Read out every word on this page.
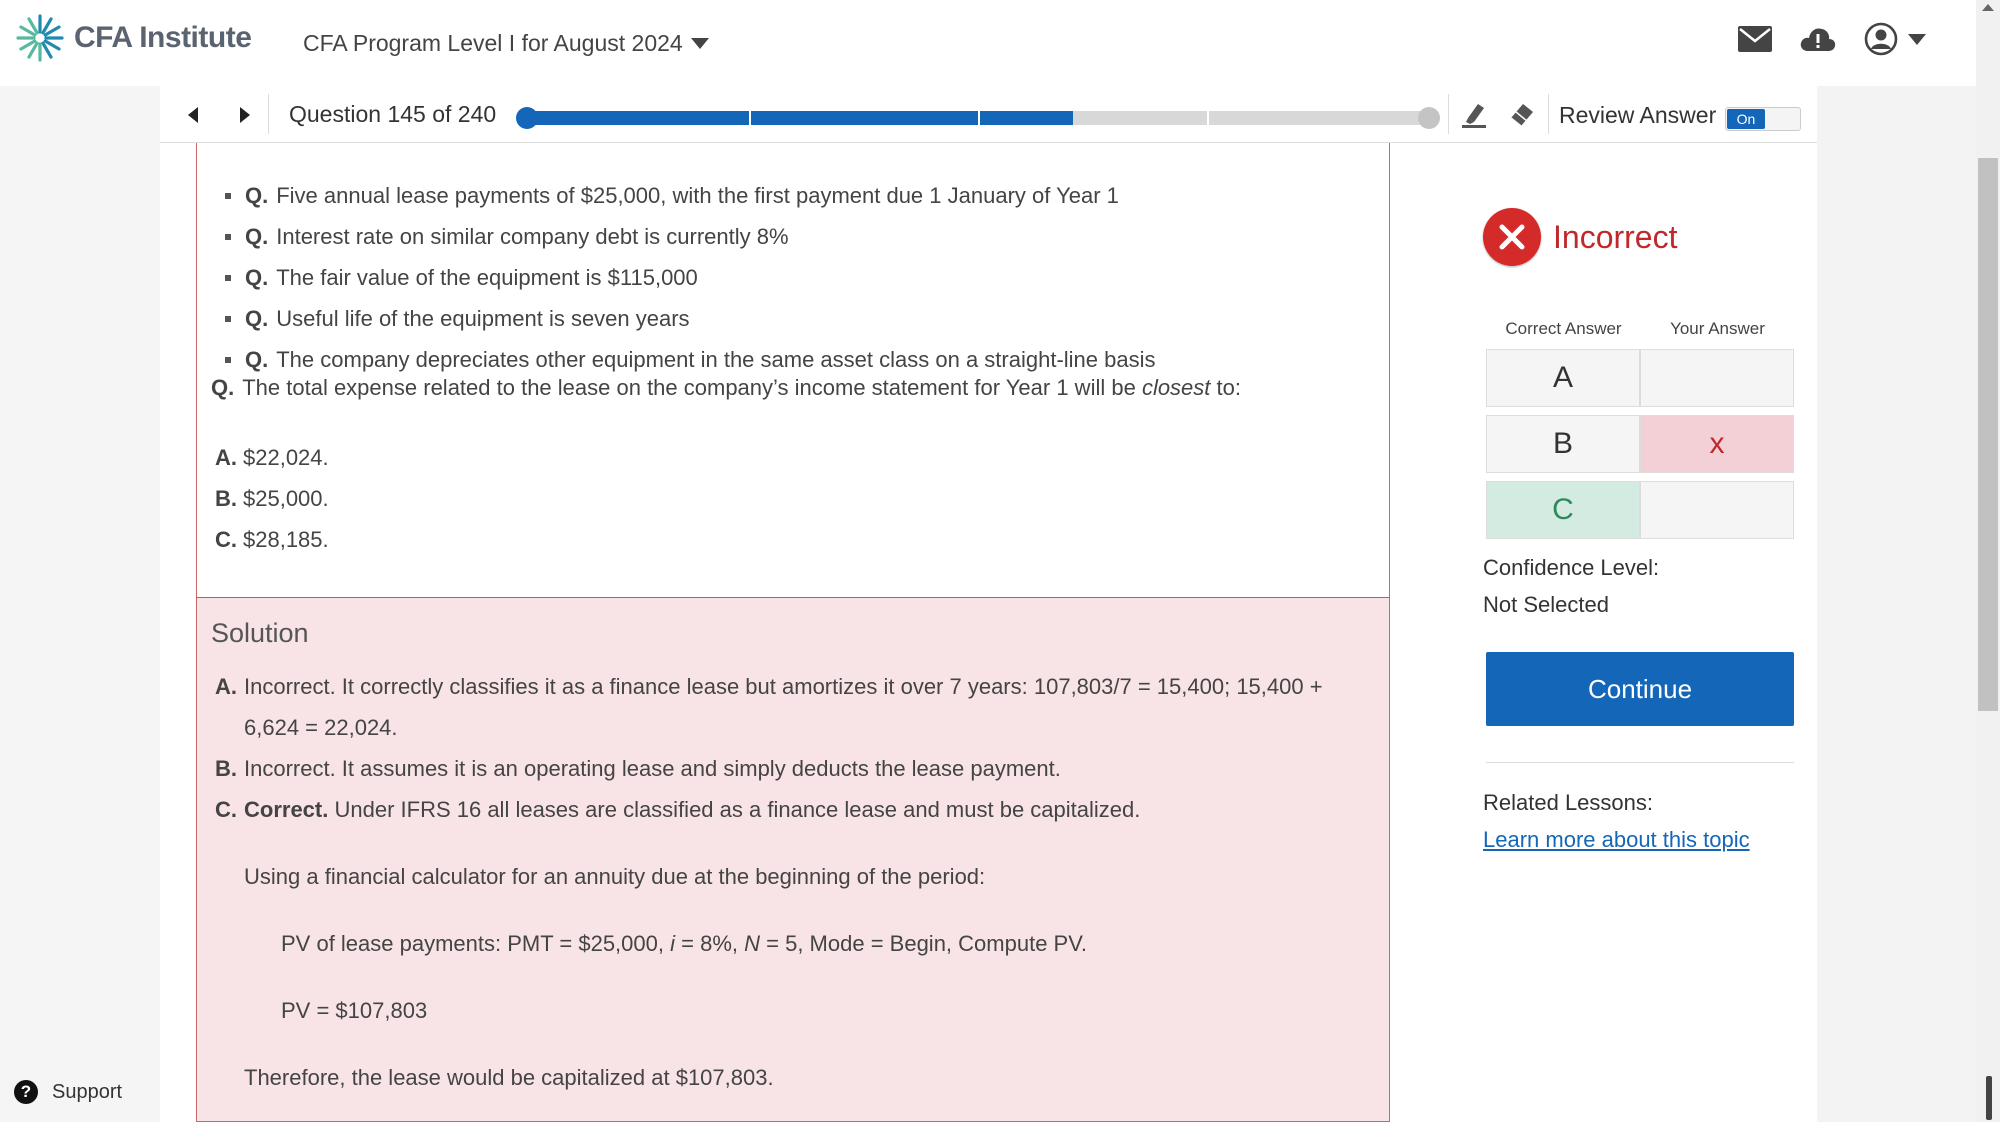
CFA Institute CFA Program Level I for August 2024
Question 145 of 240	Review Answer	On
Q. Five annual lease payments of $25,000, with the first payment due 1 January of Year 1
Q. Interest rate on similar company debt is currently 8%
Q. The fair value of the equipment is $115,000
Q. Useful life of the equipment is seven years
Q. The company depreciates other equipment in the same asset class on a straight-line basis
Q. The total expense related to the lease on the company’s income statement for Year 1 will be closest to:
A. $22,024.
B. $25,000.
C. $28,185.
Solution
A. Incorrect. It correctly classifies it as a finance lease but amortizes it over 7 years: 107,803/7 = 15,400; 15,400 + 6,624 = 22,024.
B. Incorrect. It assumes it is an operating lease and simply deducts the lease payment.
C. Correct. Under IFRS 16 all leases are classified as a finance lease and must be capitalized.
Using a financial calculator for an annuity due at the beginning of the period:
PV of lease payments: PMT = $25,000, i = 8%, N = 5, Mode = Begin, Compute PV.
PV = $107,803
Therefore, the lease would be capitalized at $107,803.
Incorrect
Correct Answer	Your Answer
A
B	x
C
Confidence Level:
Not Selected
Continue
Related Lessons:
Learn more about this topic
?	Support
